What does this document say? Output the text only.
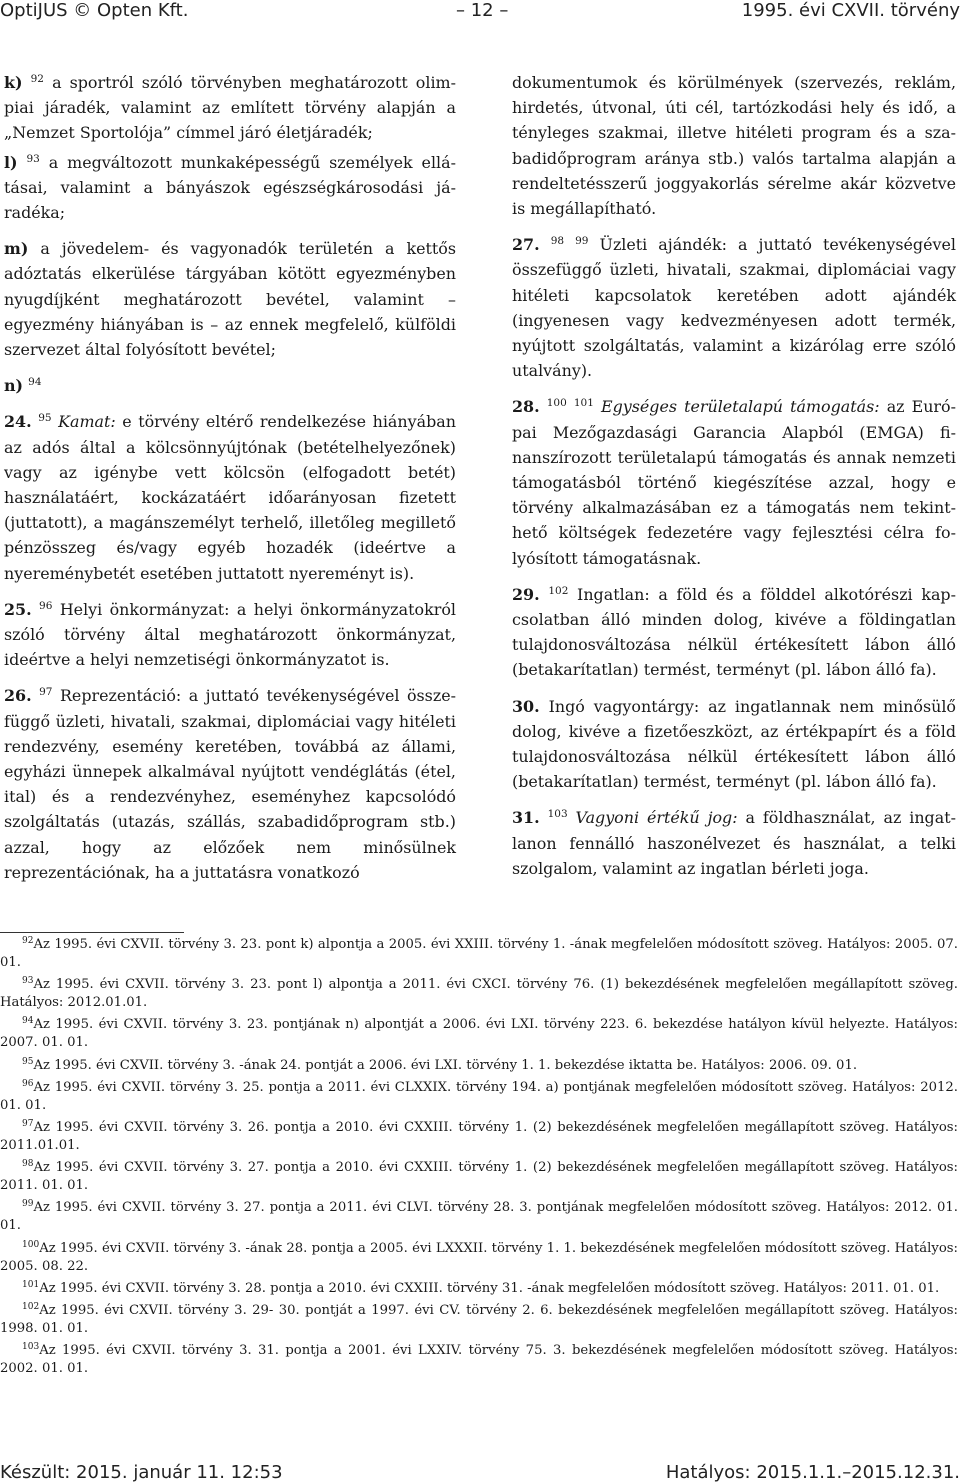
OptiJUS © Opten Kft.	– 12 –	1995. évi CXVII. törvény

k) $^{92}$ a sportról szóló törvényben meghatározott olimpiai járadék, valamint az említett törvény alapján a „Nemzet Sportolója” címmel járó életjáradék;

l) $^{93}$ a megváltozott munkaképességű személyek ellátásai, valamint a bányászok egészségkárosodási járadéka;

m) a jövedelem- és vagyonadók területén a kettős adóztatás elkerülése tárgyában kötött egyezményben nyugdíjként meghatározott bevétel, valamint – egyezmény hiányában is – az ennek megfelelő, külföldi szervezet által folyósított bevétel;

n) $^{94}$

24. $^{95}$ Kamat: e törvény eltérő rendelkezése hiányában az adós által a kölcsönnyújtónak (betételhelyezőnek) vagy az igénybe vett kölcsön (elfogadott betét) használatáért, kockázatáért időarányosan fizetett (juttatott), a magánszemélyt terhelő, illetőleg megillető pénzösszeg és/vagy egyéb hozadék (ideértve a nyereménybetét esetében juttatott nyereményt is).

25. $^{96}$ Helyi önkormányzat: a helyi önkormányzatokról szóló törvény által meghatározott önkormányzat, ideértve a helyi nemzetiségi önkormányzatot is.

26. $^{97}$ Reprezentáció: a juttató tevékenységével összefüggő üzleti, hivatali, szakmai, diplomáciai vagy hitéleti rendezvény, esemény keretében, továbbá az állami, egyházi ünnepek alkalmával nyújtott vendéglátás (étel, ital) és a rendezvényhez, eseményhez kapcsolódó szolgáltatás (utazás, szállás, szabadidőprogram stb.) azzal, hogy az előzőek nem minősülnek reprezentációnak, ha a juttatásra vonatkozó

dokumentumok és körülmények (szervezés, reklám, hirdetés, útvonal, úti cél, tartózkodási hely és idő, a tényleges szakmai, illetve hitéleti program és a szabadidőprogram aránya stb.) valós tartalma alapján a rendeltetésszerű joggyakorlás sérelme akár közvetve is megállapítható.

27. $^{98}$ $^{99}$ Üzleti ajándék: a juttató tevékenységével összefüggő üzleti, hivatali, szakmai, diplomáciai vagy hitéleti kapcsolatok keretében adott ajándék (ingyenesen vagy kedvezményesen adott termék, nyújtott szolgáltatás, valamint a kizárólag erre szóló utalvány).

28. $^{100}$ $^{101}$ Egységes területalapú támogatás: az Európai Mezőgazdasági Garancia Alapból (EMGA) finanszírozott területalapú támogatás és annak nemzeti támogatásból történő kiegészítése azzal, hogy e törvény alkalmazásában ez a támogatás nem tekinthető költségek fedezetére vagy fejlesztési célra folyósított támogatásnak.

29. $^{102}$ Ingatlan: a föld és a földdel alkotórészi kapcsolatban álló minden dolog, kivéve a földingatlan tulajdonosváltozása nélkül értékesített lábon álló (betakarítatlan) termést, terményt (pl. lábon álló fa).

30. Ingó vagyontárgy: az ingatlannak nem minősülő dolog, kivéve a fizetőeszközt, az értékpapírt és a föld tulajdonosváltozása nélkül értékesített lábon álló (betakarítatlan) termést, terményt (pl. lábon álló fa).

31. $^{103}$ Vagyoni értékű jog: a földhasználat, az ingatlanon fennálló haszonélvezet és használat, a telki szolgalom, valamint az ingatlan bérleti joga.

$^{92}$Az 1995. évi CXVII. törvény 3. 23. pont k) alpontja a 2005. évi XXIII. törvény 1. -ának megfelelően módosított szöveg. Hatályos: 2005. 07. 01.

$^{93}$Az 1995. évi CXVII. törvény 3. 23. pont l) alpontja a 2011. évi CXCI. törvény 76. (1) bekezdésének megfelelően megállapított szöveg. Hatályos: 2012.01.01.

$^{94}$Az 1995. évi CXVII. törvény 3. 23. pontjának n) alpontját a 2006. évi LXI. törvény 223. 6. bekezdése hatályon kívül helyezte. Hatályos: 2007. 01. 01.

$^{95}$Az 1995. évi CXVII. törvény 3. -ának 24. pontját a 2006. évi LXI. törvény 1. 1. bekezdése iktatta be. Hatályos: 2006. 09. 01.

$^{96}$Az 1995. évi CXVII. törvény 3. 25. pontja a 2011. évi CLXXIX. törvény 194. a) pontjának megfelelően módosított szöveg. Hatályos: 2012. 01. 01.

$^{97}$Az 1995. évi CXVII. törvény 3. 26. pontja a 2010. évi CXXIII. törvény 1. (2) bekezdésének megfelelően megállapított szöveg. Hatályos: 2011.01.01.

$^{98}$Az 1995. évi CXVII. törvény 3. 27. pontja a 2010. évi CXXIII. törvény 1. (2) bekezdésének megfelelően megállapított szöveg. Hatályos: 2011. 01. 01.

$^{99}$Az 1995. évi CXVII. törvény 3. 27. pontja a 2011. évi CLVI. törvény 28. 3. pontjának megfelelően módosított szöveg. Hatályos: 2012. 01. 01.

$^{100}$Az 1995. évi CXVII. törvény 3. -ának 28. pontja a 2005. évi LXXXII. törvény 1. 1. bekezdésének megfelelően módosított szöveg. Hatályos: 2005. 08. 22.

$^{101}$Az 1995. évi CXVII. törvény 3. 28. pontja a 2010. évi CXXIII. törvény 31. -ának megfelelően módosított szöveg. Hatályos: 2011. 01. 01.

$^{102}$Az 1995. évi CXVII. törvény 3. 29- 30. pontját a 1997. évi CV. törvény 2. 6. bekezdésének megfelelően megállapított szöveg. Hatályos: 1998. 01. 01.

$^{103}$Az 1995. évi CXVII. törvény 3. 31. pontja a 2001. évi LXXIV. törvény 75. 3. bekezdésének megfelelően módosított szöveg. Hatályos: 2002. 01. 01.

Készült: 2015. január 11. 12:53	Hatályos: 2015.1.1.–2015.12.31.
